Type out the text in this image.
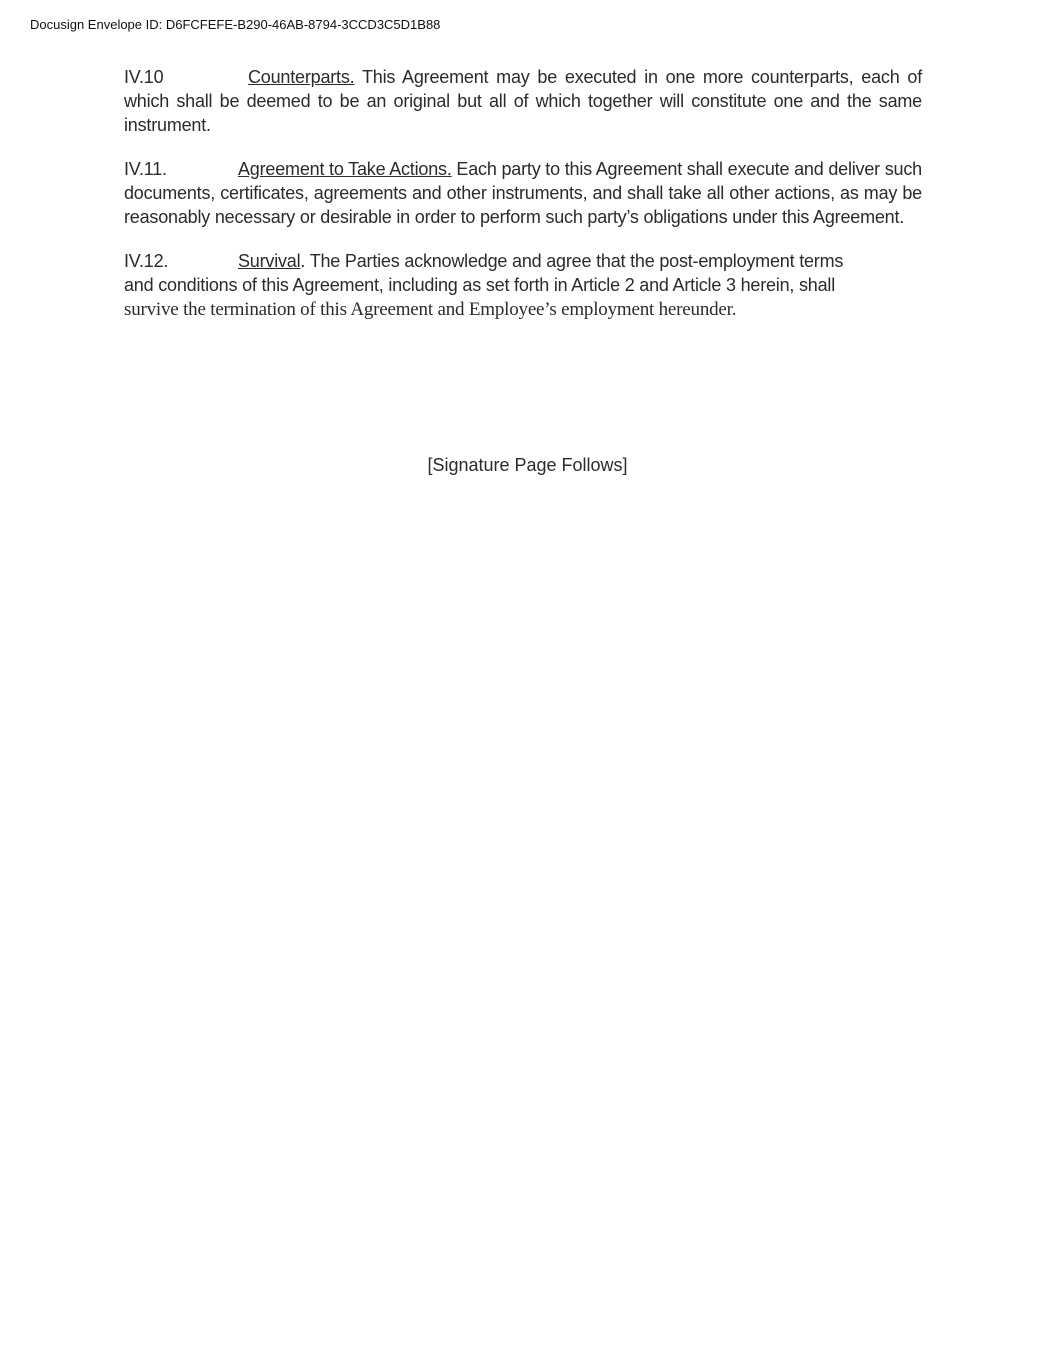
Docusign Envelope ID: D6FCFEFE-B290-46AB-8794-3CCD3C5D1B88

IV.10	Counterparts. This Agreement may be executed in one more counterparts, each of which shall be deemed to be an original but all of which together will constitute one and the same instrument.

IV.11.	Agreement to Take Actions. Each party to this Agreement shall execute and deliver such documents, certificates, agreements and other instruments, and shall take all other actions, as may be reasonably necessary or desirable in order to perform such party’s obligations under this Agreement.

IV.12.	Survival. The Parties acknowledge and agree that the post-employment terms and conditions of this Agreement, including as set forth in Article 2 and Article 3 herein, shall survive the termination of this Agreement and Employee’s employment hereunder.

[Signature Page Follows]
